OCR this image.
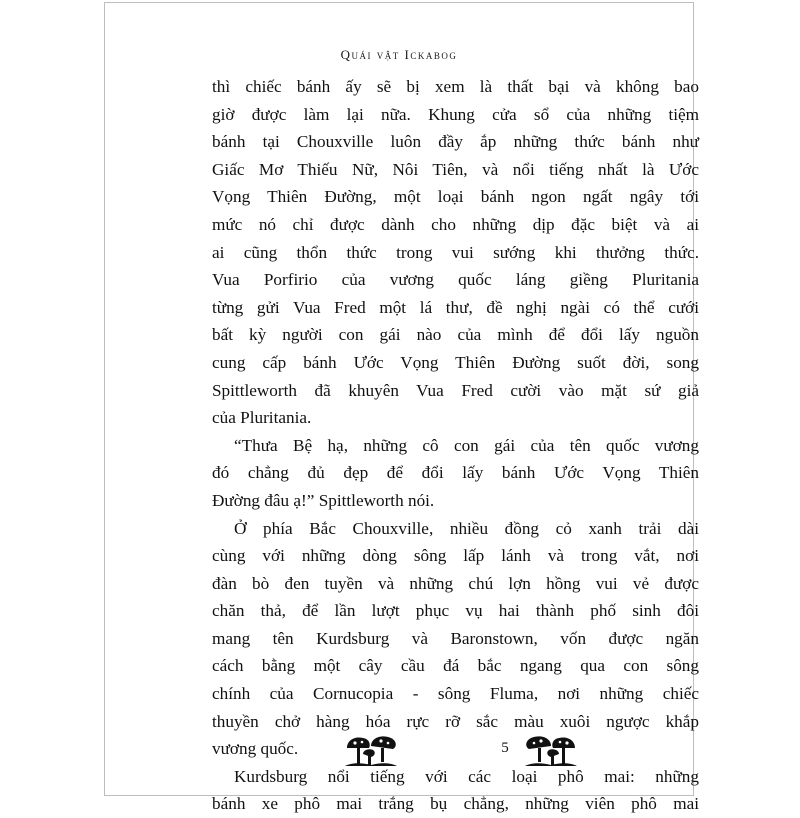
Quái vật Ickabog

thì chiếc bánh ấy sẽ bị xem là thất bại và không bao
giờ được làm lại nữa. Khung cửa sổ của những tiệm
bánh tại Chouxville luôn đầy ắp những thức bánh như
Giấc Mơ Thiếu Nữ, Nôi Tiên, và nổi tiếng nhất là Ước
Vọng Thiên Đường, một loại bánh ngon ngất ngây tới
mức nó chỉ được dành cho những dịp đặc biệt và ai
ai cũng thổn thức trong vui sướng khi thưởng thức.
Vua Porfirio của vương quốc láng giềng Pluritania
từng gửi Vua Fred một lá thư, đề nghị ngài có thể cưới
bất kỳ người con gái nào của mình để đổi lấy nguồn
cung cấp bánh Ước Vọng Thiên Đường suốt đời, song
Spittleworth đã khuyên Vua Fred cười vào mặt sứ giả
của Pluritania.

“Thưa Bệ hạ, những cô con gái của tên quốc vương
đó chẳng đủ đẹp để đổi lấy bánh Ước Vọng Thiên
Đường đâu ạ!” Spittleworth nói.

Ở phía Bắc Chouxville, nhiều đồng cỏ xanh trải dài
cùng với những dòng sông lấp lánh và trong vắt, nơi
đàn bò đen tuyền và những chú lợn hồng vui vẻ được
chăn thả, để lần lượt phục vụ hai thành phố sinh đôi
mang tên Kurdsburg và Baronstown, vốn được ngăn
cách bằng một cây cầu đá bắc ngang qua con sông
chính của Cornucopia - sông Fluma, nơi những chiếc
thuyền chở hàng hóa rực rỡ sắc màu xuôi ngược khắp
vương quốc.

Kurdsburg nổi tiếng với các loại phô mai: những
bánh xe phô mai trắng bụ chẳng, những viên phô mai

5
